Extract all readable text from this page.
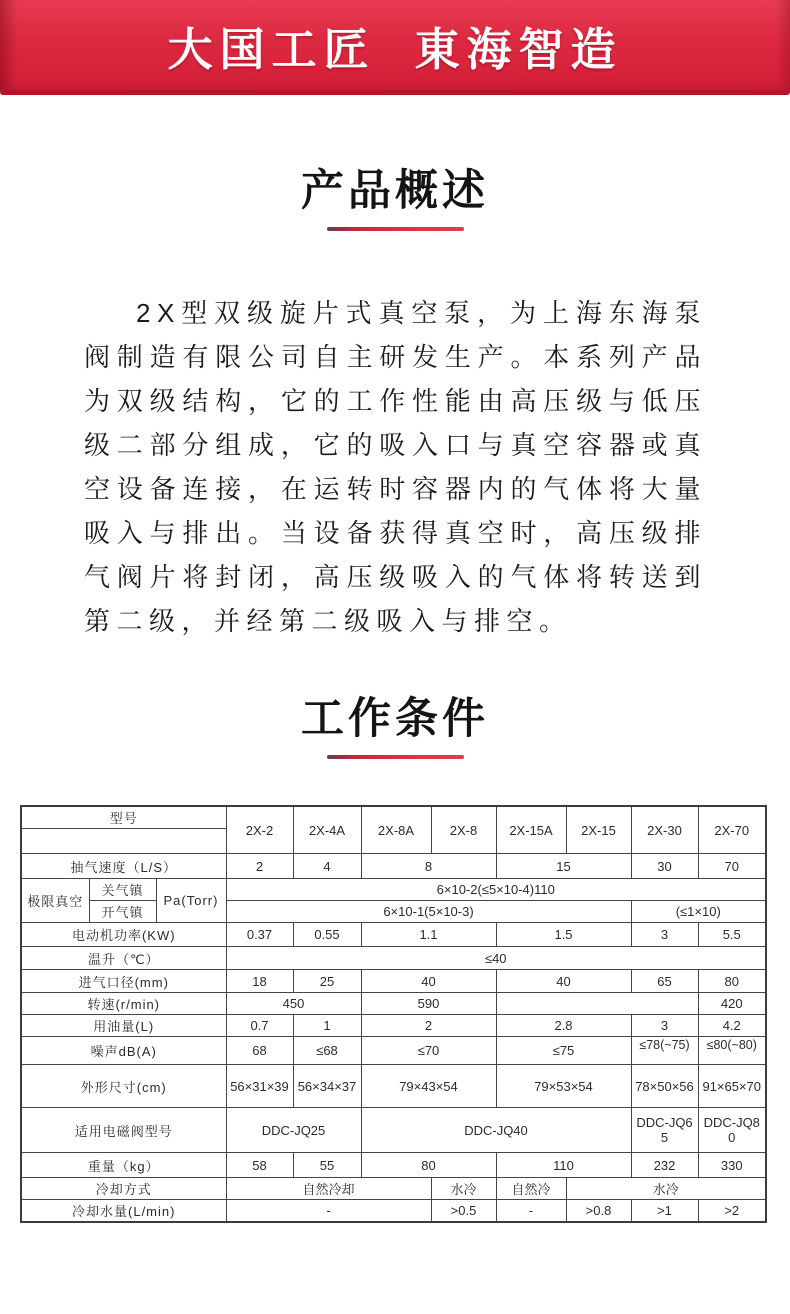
大国工匠  東海智造
产品概述
2X型双级旋片式真空泵，为上海东海泵阀制造有限公司自主研发生产。本系列产品为双级结构，它的工作性能由高压级与低压级二部分组成，它的吸入口与真空容器或真空设备连接，在运转时容器内的气体将大量吸入与排出。当设备获得真空时，高压级排气阀片将封闭，高压级吸入的气体将转送到第二级，并经第二级吸入与排空。
工作条件
型号			2X-2	2X-4A	2X-8A	2X-8	2X-15A	2X-15	2X-30	2X-70

抽气速度（L/S）			2	4	8		15		30	70
极限真空	关气镇	Pa(Torr)	6×10-2(≤5×10-4)110							
	开气镇		6×10-1(5×10-3)						(≤1×10)	
电动机功率(KW)			0.37	0.55	1.1		1.5		3	5.5
温升（℃）			≤40							
进气口径(mm)			18	25	40		40		65	80
转速(r/min)			450		590					420
用油量(L)			0.7	1	2		2.8		3	4.2
噪声dB(A)			68	≤68	≤70		≤75		≤78(~75)	≤80(~80)

外形尺寸(cm)			56×31×39	56×34×37	79×43×54		79×53×54		78×50×56	91×65×70
适用电磁阀型号			DDC-JQ25		DDC-JQ40				DDC-JQ65	DDC-JQ80
重量（kg）			58	55	80		110		232	330
冷却方式			自然冷却			水冷	自然冷	水冷		
冷却水量(L/min)			-			>0.5	-	>0.8	>1	>2
